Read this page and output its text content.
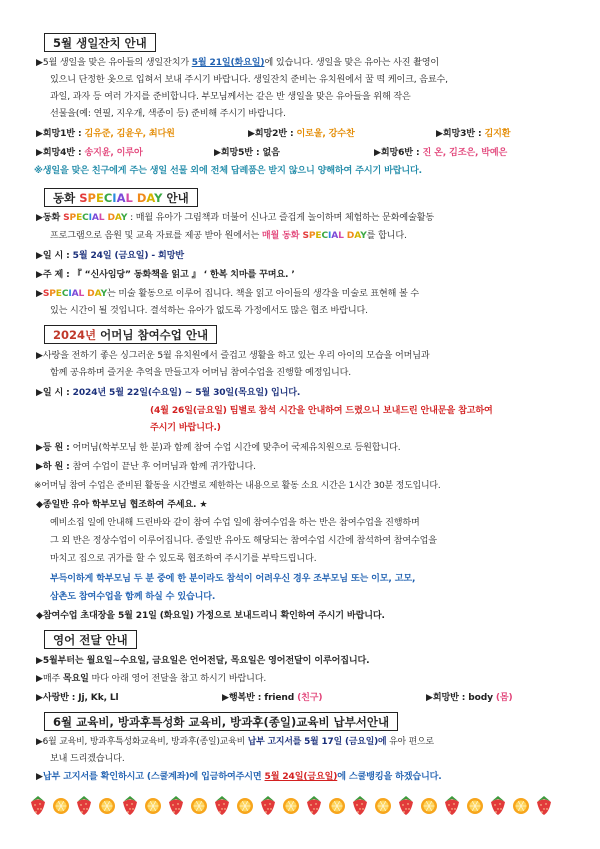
5월 생일잔치 안내
▶5월 생일을 맞은 유아들의 생일잔치가 5월 21일(화요일)에 있습니다. 생일을 맞은 유아는 사진 촬영이
있으니 단정한 옷으로 입혀서 보내 주시기 바랍니다. 생일잔치 준비는 유치원에서 꿀 떡 케이크, 음료수,
과일, 과자 등 여러 가지를 준비합니다. 부모님께서는 같은 반 생일을 맞은 유아들을 위해 작은
선물을(예: 연필, 지우개, 색종이 등) 준비해 주시기 바랍니다.
▶희망1반 : 김유준, 김윤우, 최다원	▶희망2반 : 이로울, 강수찬	▶희망3반 : 김지환
▶희망4반 : 송지윤, 이루아	▶희망5반 : 없음	▶희망6반 : 진 온, 김조은, 박예은
※생일을 맞은 친구에게 주는 생일 선물 외에 전체 답례품은 받지 않으니 양해하여 주시기 바랍니다.
동화 SPECIAL DAY 안내
▶동화 SPECIAL DAY : 매월 유아가 그림책과 더불어 신나고 즐겁게 놀이하며 체험하는 문화예술활동
프로그램으로 음원 및 교육 자료를 제공 받아 원에서는 매월 동화 SPECIAL DAY를 합니다.
▶일 시 : 5월 24일 (금요일) - 희망반
▶주 제 : 『 “신사임당” 동화책을 읽고 』 ‘ 한복 치마를 꾸며요. ’
▶SPECIAL DAY는 미술 활동으로 이루어 집니다. 책을 읽고 아이들의 생각을 미술로 표현해 볼 수
있는 시간이 될 것입니다. 결석하는 유아가 없도록 가정에서도 많은 협조 바랍니다.
2024년 어머님 참여수업 안내
▶사랑을 전하기 좋은 싱그러운 5월 유치원에서 즐겁고 생활을 하고 있는 우리 아이의 모습을 어머님과
함께 공유하며 즐거운 추억을 만들고자 어머님 참여수업을 진행할 예정입니다.
▶일 시 : 2024년 5월 22일(수요일) ~ 5월 30일(목요일) 입니다.
(4월 26일(금요일) 팀별로 참석 시간을 안내하여 드렸으니 보내드린 안내문을 참고하여
주시기 바랍니다.)
▶등 원 : 어머님(학부모님 한 분)과 함께 참여 수업 시간에 맞추어 국제유치원으로 등원합니다.
▶하 원 : 참여 수업이 끝난 후 어머님과 함께 귀가합니다.
※어머님 참여 수업은 준비된 활동을 시간별로 제한하는 내용으로 활동 소요 시간은 1시간 30분 정도입니다.
◆종일반 유아 학부모님 협조하여 주세요. ★
예비소집 일에 안내해 드린바와 같이 참여 수업 일에 참여수업을 하는 반은 참여수업을 진행하며
그 외 반은 정상수업이 이루어집니다. 종일반 유아도 해당되는 참여수업 시간에 참석하여 참여수업을
마치고 집으로 귀가를 할 수 있도록 협조하여 주시기를 부탁드립니다.
부득이하게 학부모님 두 분 중에 한 분이라도 참석이 어려우신 경우 조부모님 또는 이모, 고모,
삼촌도 참여수업을 함께 하실 수 있습니다.
◆참여수업 초대장을 5월 21일 (화요일) 가정으로 보내드리니 확인하여 주시기 바랍니다.
영어 전달 안내
▶5월부터는 월요일~수요일, 금요일은 언어전달, 목요일은 영어전달이 이루어집니다.
▶매주 목요일 마다 아래 영어 전달을 참고 하시기 바랍니다.
▶사랑반 : Jj, Kk, Ll	▶행복반 : friend (친구)	▶희망반 : body (몸)
6월 교육비, 방과후특성화 교육비, 방과후(종일)교육비 납부서안내
▶6월 교육비, 방과후특성화교육비, 방과후(종일)교육비 납부 고지서를 5월 17일 (금요일)에 유아 편으로
보내 드리겠습니다.
▶납부 고지서를 확인하시고 (스쿨계좌)에 입금하여주시면 5월 24일(금요일)에 스쿨뱅킹을 하겠습니다.
